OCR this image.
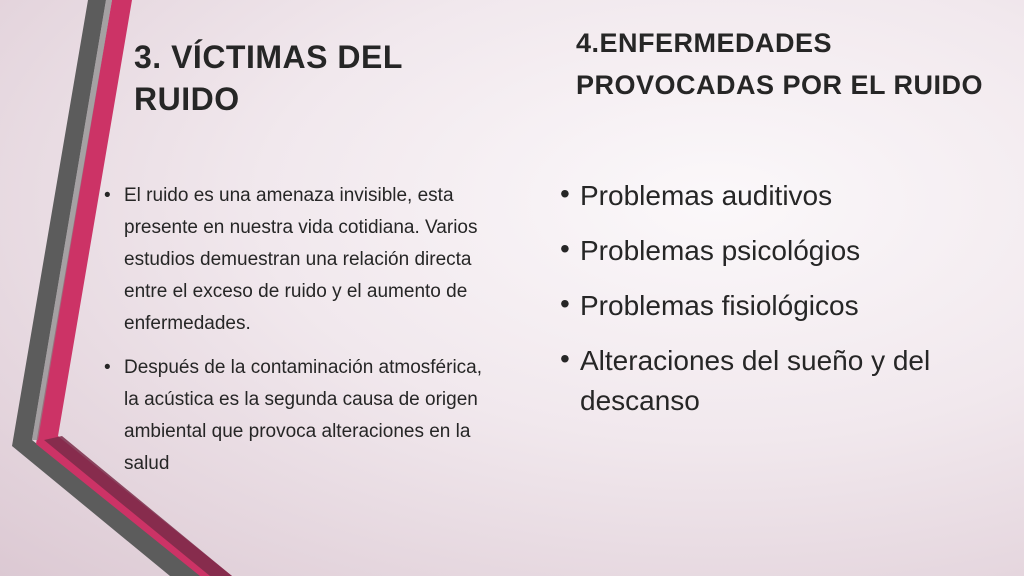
3. VÍCTIMAS DEL RUIDO
• El ruido es una amenaza invisible, esta presente en nuestra vida cotidiana. Varios estudios demuestran una relación directa entre el exceso de ruido y el aumento de enfermedades.
• Después de la contaminación atmosférica, la acústica es la segunda causa de origen ambiental que provoca alteraciones en la salud
4.ENFERMEDADES PROVOCADAS POR EL RUIDO
• Problemas auditivos
• Problemas psicológios
• Problemas fisiológicos
• Alteraciones del sueño y del descanso
